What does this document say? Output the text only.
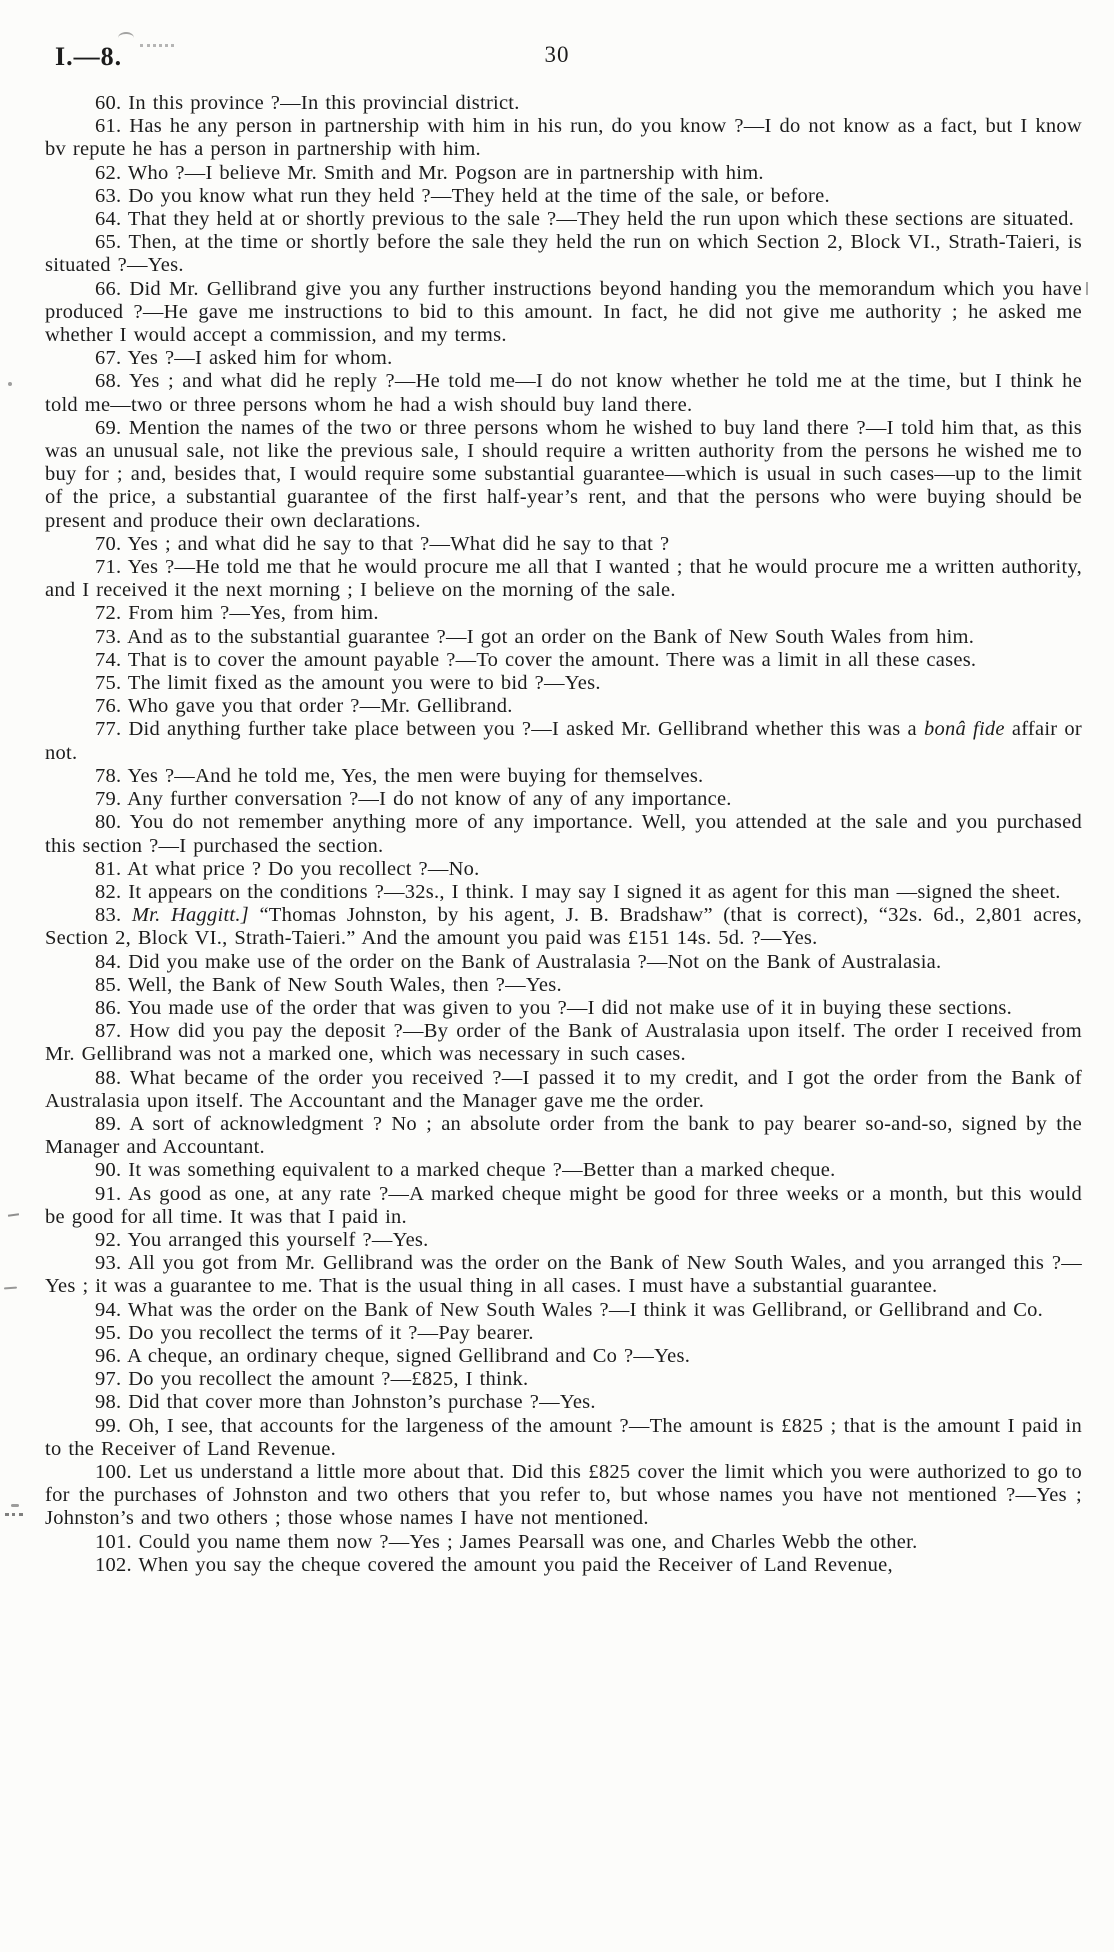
I.—8.	30

60. In this province ?—In this provincial district.

61. Has he any person in partnership with him in his run, do you know ?—I do not know as a fact, but I know bv repute he has a person in partnership with him.

62. Who ?—I believe Mr. Smith and Mr. Pogson are in partnership with him.

63. Do you know what run they held ?—They held at the time of the sale, or before.

64. That they held at or shortly previous to the sale ?—They held the run upon which these sections are situated.

65. Then, at the time or shortly before the sale they held the run on which Section 2, Block VI., Strath-Taieri, is situated ?—Yes.

66. Did Mr. Gellibrand give you any further instructions beyond handing you the memorandum which you have produced ?—He gave me instructions to bid to this amount. In fact, he did not give me authority ; he asked me whether I would accept a commission, and my terms.

67. Yes ?—I asked him for whom.

68. Yes ; and what did he reply ?—He told me—I do not know whether he told me at the time, but I think he told me—two or three persons whom he had a wish should buy land there.

69. Mention the names of the two or three persons whom he wished to buy land there ?—I told him that, as this was an unusual sale, not like the previous sale, I should require a written authority from the persons he wished me to buy for ; and, besides that, I would require some substantial guarantee—which is usual in such cases—up to the limit of the price, a substantial guarantee of the first half-year’s rent, and that the persons who were buying should be present and produce their own declarations.

70. Yes ; and what did he say to that ?—What did he say to that ?

71. Yes ?—He told me that he would procure me all that I wanted ; that he would procure me a written authority, and I received it the next morning ; I believe on the morning of the sale.

72. From him ?—Yes, from him.

73. And as to the substantial guarantee ?—I got an order on the Bank of New South Wales from him.

74. That is to cover the amount payable ?—To cover the amount. There was a limit in all these cases.

75. The limit fixed as the amount you were to bid ?—Yes.

76. Who gave you that order ?—Mr. Gellibrand.

77. Did anything further take place between you ?—I asked Mr. Gellibrand whether this was a bonâ fide affair or not.

78. Yes ?—And he told me, Yes, the men were buying for themselves.

79. Any further conversation ?—I do not know of any of any importance.

80. You do not remember anything more of any importance. Well, you attended at the sale and you purchased this section ?—I purchased the section.

81. At what price ? Do you recollect ?—No.

82. It appears on the conditions ?—32s., I think. I may say I signed it as agent for this man —signed the sheet.

83. Mr. Haggitt.] “Thomas Johnston, by his agent, J. B. Bradshaw” (that is correct), “32s. 6d., 2,801 acres, Section 2, Block VI., Strath-Taieri.” And the amount you paid was £151 14s. 5d. ?—Yes.

84. Did you make use of the order on the Bank of Australasia ?—Not on the Bank of Australasia.

85. Well, the Bank of New South Wales, then ?—Yes.

86. You made use of the order that was given to you ?—I did not make use of it in buying these sections.

87. How did you pay the deposit ?—By order of the Bank of Australasia upon itself. The order I received from Mr. Gellibrand was not a marked one, which was necessary in such cases.

88. What became of the order you received ?—I passed it to my credit, and I got the order from the Bank of Australasia upon itself. The Accountant and the Manager gave me the order.

89. A sort of acknowledgment ? No ; an absolute order from the bank to pay bearer so-and-so, signed by the Manager and Accountant.

90. It was something equivalent to a marked cheque ?—Better than a marked cheque.

91. As good as one, at any rate ?—A marked cheque might be good for three weeks or a month, but this would be good for all time. It was that I paid in.

92. You arranged this yourself ?—Yes.

93. All you got from Mr. Gellibrand was the order on the Bank of New South Wales, and you arranged this ?—Yes ; it was a guarantee to me. That is the usual thing in all cases. I must have a substantial guarantee.

94. What was the order on the Bank of New South Wales ?—I think it was Gellibrand, or Gellibrand and Co.

95. Do you recollect the terms of it ?—Pay bearer.

96. A cheque, an ordinary cheque, signed Gellibrand and Co ?—Yes.

97. Do you recollect the amount ?—£825, I think.

98. Did that cover more than Johnston’s purchase ?—Yes.

99. Oh, I see, that accounts for the largeness of the amount ?—The amount is £825 ; that is the amount I paid in to the Receiver of Land Revenue.

100. Let us understand a little more about that. Did this £825 cover the limit which you were authorized to go to for the purchases of Johnston and two others that you refer to, but whose names you have not mentioned ?—Yes ; Johnston’s and two others ; those whose names I have not mentioned.

101. Could you name them now ?—Yes ; James Pearsall was one, and Charles Webb the other.

102. When you say the cheque covered the amount you paid the Receiver of Land Revenue,
